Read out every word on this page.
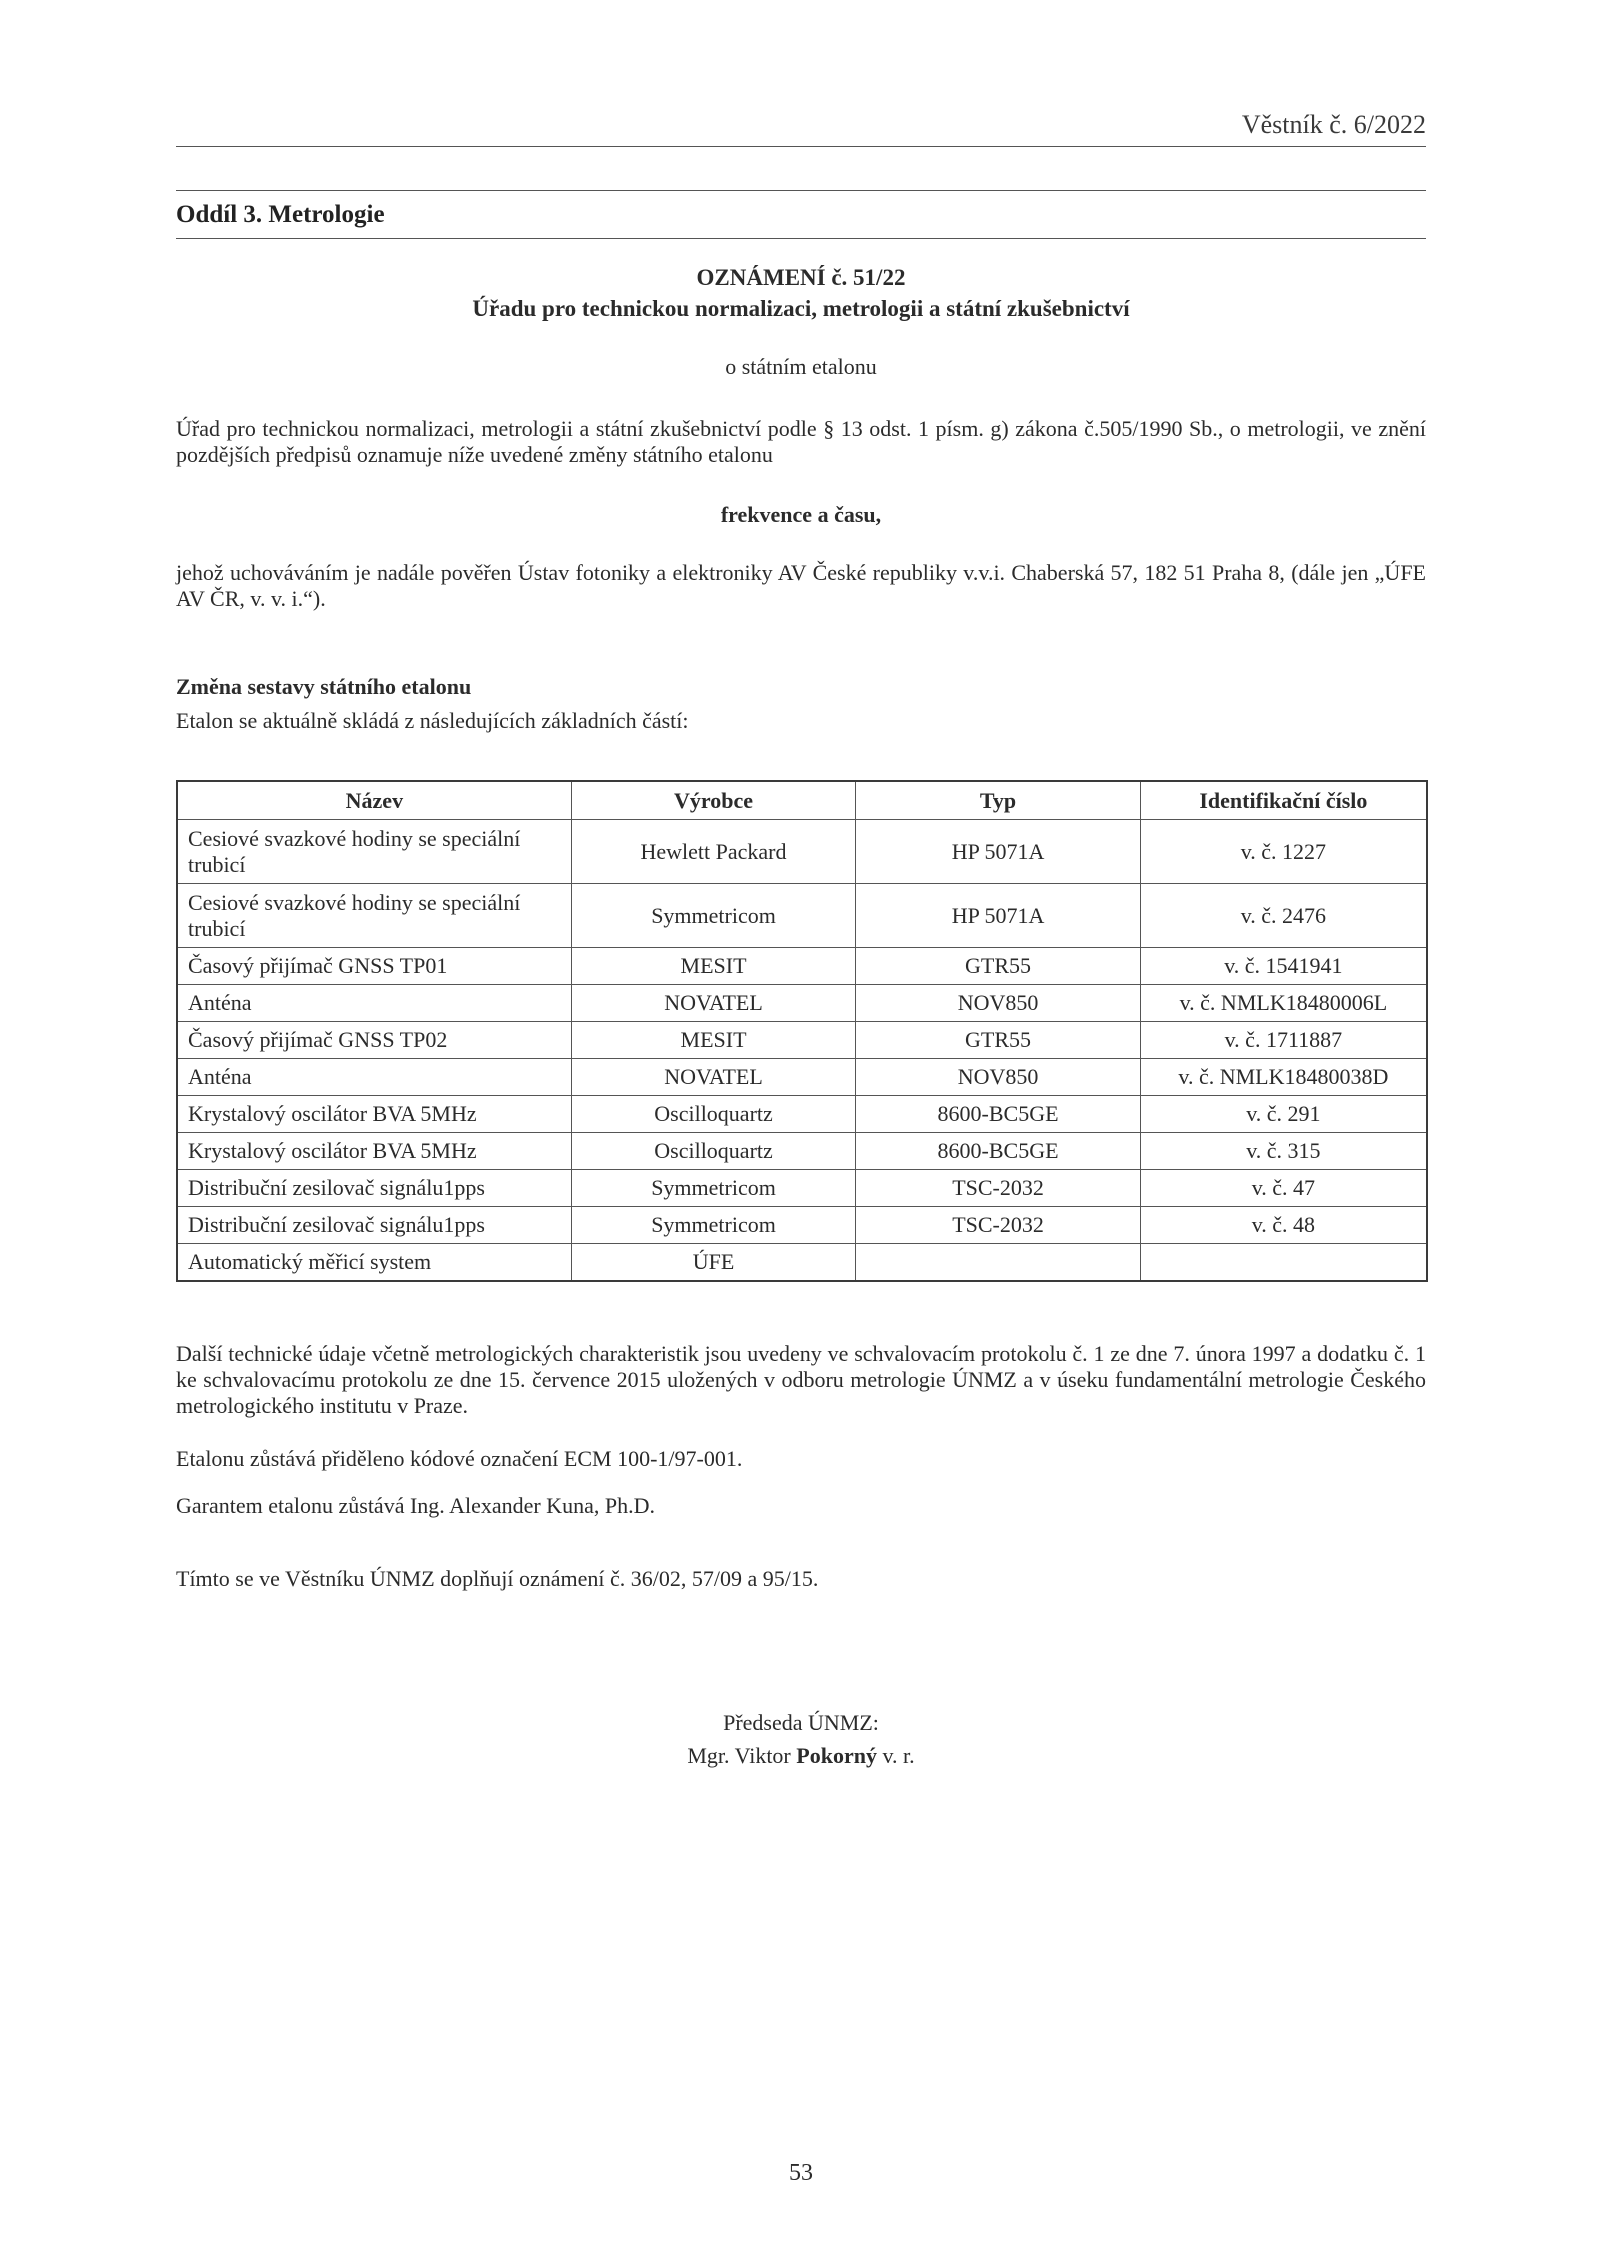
Věstník č. 6/2022
Oddíl 3. Metrologie
OZNÁMENÍ č. 51/22
Úřadu pro technickou normalizaci, metrologii a státní zkušebnictví
o státním etalonu
Úřad pro technickou normalizaci, metrologii a státní zkušebnictví podle § 13 odst. 1 písm. g) zákona č.505/1990 Sb., o metrologii, ve znění pozdějších předpisů oznamuje níže uvedené změny státního etalonu
frekvence a času,
jehož uchováváním je nadále pověřen Ústav fotoniky a elektroniky AV České republiky v.v.i. Chaberská 57, 182 51 Praha 8, (dále jen „ÚFE AV ČR, v. v. i.“).
Změna sestavy státního etalonu
Etalon se aktuálně skládá z následujících základních částí:
Název	Výrobce	Typ	Identifikační číslo
Cesiové svazkové hodiny se speciální trubicí	Hewlett Packard	HP 5071A	v. č. 1227
Cesiové svazkové hodiny se speciální trubicí	Symmetricom	HP 5071A	v. č. 2476
Časový přijímač GNSS TP01	MESIT	GTR55	v. č. 1541941
Anténa	NOVATEL	NOV850	v. č. NMLK18480006L
Časový přijímač GNSS TP02	MESIT	GTR55	v. č. 1711887
Anténa	NOVATEL	NOV850	v. č. NMLK18480038D
Krystalový oscilátor BVA 5MHz	Oscilloquartz	8600-BC5GE	v. č. 291
Krystalový oscilátor BVA 5MHz	Oscilloquartz	8600-BC5GE	v. č. 315
Distribuční zesilovač signálu1pps	Symmetricom	TSC-2032	v. č. 47
Distribuční zesilovač signálu1pps	Symmetricom	TSC-2032	v. č. 48
Automatický měřicí system	ÚFE		
Další technické údaje včetně metrologických charakteristik jsou uvedeny ve schvalovacím protokolu č. 1 ze dne 7. února 1997 a dodatku č. 1 ke schvalovacímu protokolu ze dne 15. července 2015 uložených v odboru metrologie ÚNMZ a v úseku fundamentální metrologie Českého metrologického institutu v Praze.
Etalonu zůstává přiděleno kódové označení ECM 100-1/97-001.
Garantem etalonu zůstává Ing. Alexander Kuna, Ph.D.
Tímto se ve Věstníku ÚNMZ doplňují oznámení č. 36/02, 57/09 a 95/15.
Předseda ÚNMZ:
Mgr. Viktor Pokorný v. r.
53
